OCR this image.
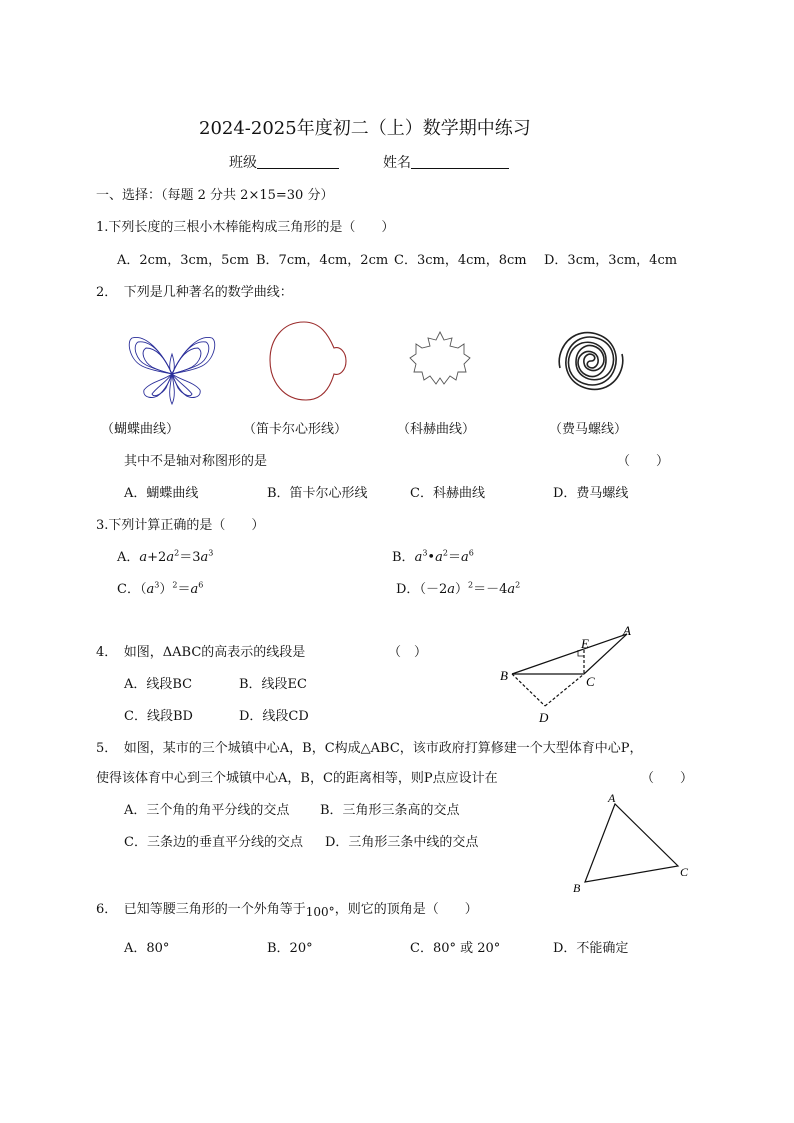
2024-2025年度初二（上）数学期中练习
班级	姓名
一、选择：（每题 2 分共 2×15=30 分）
1.下列长度的三根小木棒能构成三角形的是（　　）
A．2cm，3cm，5cm B．7cm，4cm，2cm C．3cm，4cm，8cm D．3cm，3cm，4cm
2．　下列是几种著名的数学曲线：
（蝴蝶曲线）	（笛卡尔心形线）	（科赫曲线）	（费马螺线）
其中不是轴对称图形的是	（　　）
A．蝴蝶曲线	B．笛卡尔心形线	C．科赫曲线	D．费马螺线
3.下列计算正确的是（　　）
A．$a+2a^2=3a^3$	B．$a^3•a^2=a^6$
C．$(a^3)^2=a^6$	D．$(-2a)^2=-4a^2$
4．　如图，ΔABC的高表示的线段是	（　）
A．线段BC	B．线段EC
C．线段BD	D．线段CD
A
B	C
D
E
5．　如图，某市的三个城镇中心A，B，C构成△ABC，该市政府打算修建一个大型体育中心P，
使得该体育中心到三个城镇中心A，B，C的距离相等，则P点应设计在	（　　）
A．三个角的角平分线的交点 B．三角形三条高的交点
C．三条边的垂直平分线的交点 D．三角形三条中线的交点
A
B
C
6．　已知等腰三角形的一个外角等于100°，则它的顶角是（　　）
A．80°	B．20°	C．80° 或 20°	D．不能确定
